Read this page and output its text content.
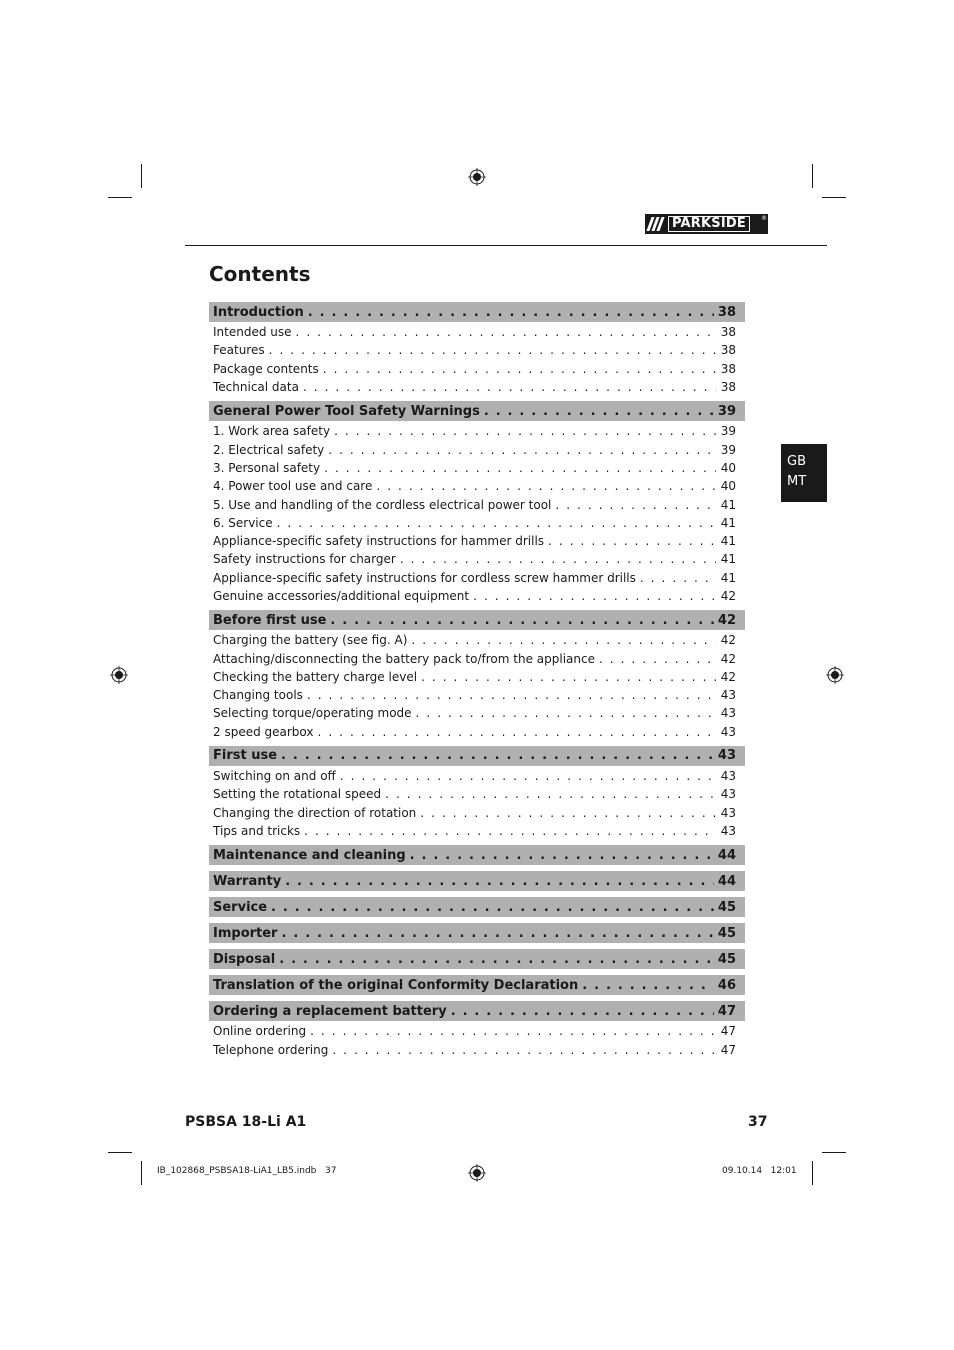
PARKSIDE	®
Contents
Introduction . . .	38
Intended use . . .	38
Features . . .	38
Package contents . . .	38
Technical data . . .	38
General Power Tool Safety Warnings . . .	39
1. Work area safety . . .	39
2. Electrical safety . . .	39
3. Personal safety . . .	40
4. Power tool use and care . . .	40
5. Use and handling of the cordless electrical power tool . . .	41
6. Service . . .	41
Appliance-specific safety instructions for hammer drills . . .	41
Safety instructions for charger . . .	41
Appliance-specific safety instructions for cordless screw hammer drills . . .	41
Genuine accessories/additional equipment . . .	42
Before first use . . .	42
Charging the battery (see fig. A) . . .	42
Attaching/disconnecting the battery pack to/from the appliance . . .	42
Checking the battery charge level . . .	42
Changing tools . . .	43
Selecting torque/operating mode . . .	43
2 speed gearbox . . .	43
First use . . .	43
Switching on and off . . .	43
Setting the rotational speed . . .	43
Changing the direction of rotation . . .	43
Tips and tricks . . .	43
Maintenance and cleaning . . .	44
Warranty . . .	44
Service . . .	45
Importer . . .	45
Disposal . . .	45
Translation of the original Conformity Declaration . . .	46
Ordering a replacement battery . . .	47
Online ordering . . .	47
Telephone ordering . . .	47
GB
MT
PSBSA 18-Li A1	37
IB_102868_PSBSA18-LiA1_LB5.indb   37	09.10.14   12:01
